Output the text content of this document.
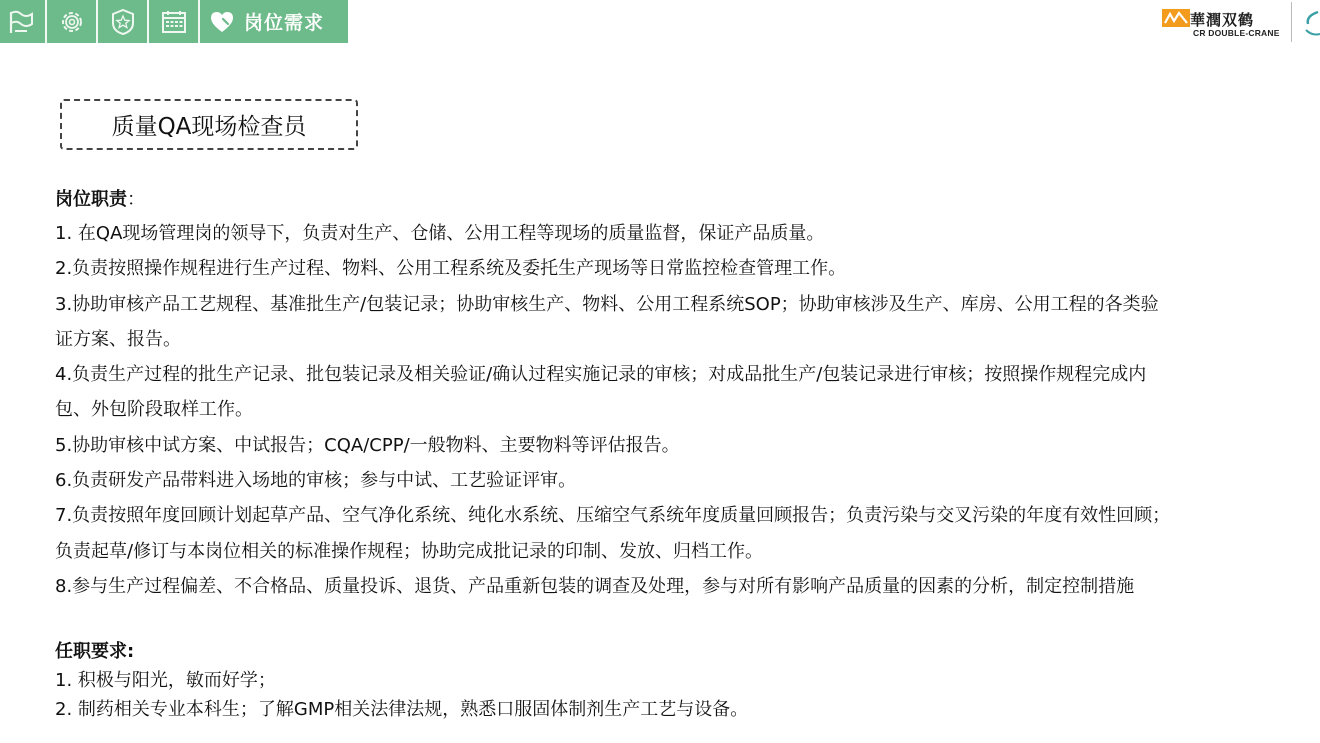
岗位需求	華潤双鹤
CR DOUBLE-CRANE
质量QA现场检查员
岗位职责：
1. 在QA现场管理岗的领导下，负责对生产、仓储、公用工程等现场的质量监督，保证产品质量。
2.负责按照操作规程进行生产过程、物料、公用工程系统及委托生产现场等日常监控检查管理工作。
3.协助审核产品工艺规程、基准批生产/包装记录；协助审核生产、物料、公用工程系统SOP；协助审核涉及生产、库房、公用工程的各类验
证方案、报告。
4.负责生产过程的批生产记录、批包装记录及相关验证/确认过程实施记录的审核；对成品批生产/包装记录进行审核；按照操作规程完成内
包、外包阶段取样工作。
5.协助审核中试方案、中试报告；CQA/CPP/一般物料、主要物料等评估报告。
6.负责研发产品带料进入场地的审核；参与中试、工艺验证评审。
7.负责按照年度回顾计划起草产品、空气净化系统、纯化水系统、压缩空气系统年度质量回顾报告；负责污染与交叉污染的年度有效性回顾；
负责起草/修订与本岗位相关的标准操作规程；协助完成批记录的印制、发放、归档工作。
8.参与生产过程偏差、不合格品、质量投诉、退货、产品重新包装的调查及处理，参与对所有影响产品质量的因素的分析，制定控制措施
任职要求:
1. 积极与阳光，敏而好学；
2. 制药相关专业本科生；了解GMP相关法律法规，熟悉口服固体制剂生产工艺与设备。
